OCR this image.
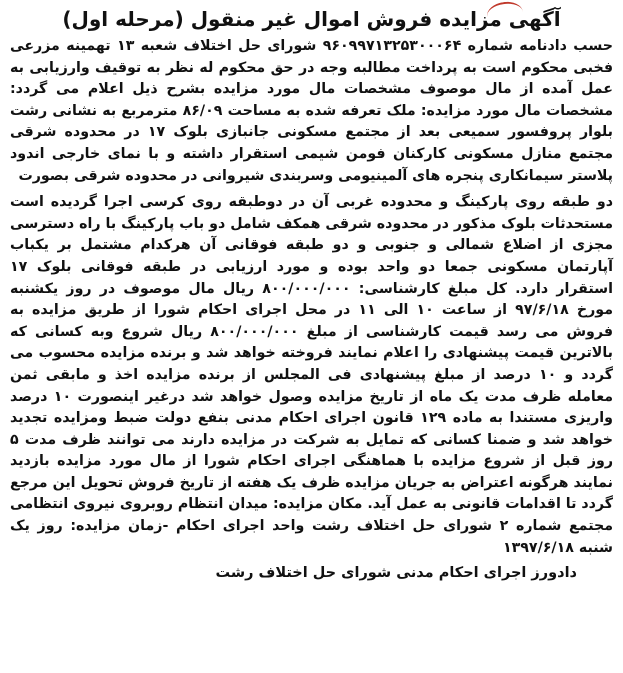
آگهی مزایده فروش اموال غیر منقول (مرحله اول)

حسب دادنامه شماره ۹۶۰۹۹۷۱۳۲۵۳۰۰۰۶۴ شورای حل اختلاف شعبه ۱۳ تهمینه مزرعی فخبی محکوم است به پرداخت مطالبه وجه در حق محکوم له نظر به توقیف وارزیابی به عمل آمده از مال موصوف مشخصات مال مورد مزایده بشرح ذیل اعلام می گردد: مشخصات مال مورد مزایده: ملک تعرفه شده به مساحت ۸۶/۰۹ مترمربع به نشانی رشت بلوار پروفسور سمیعی بعد از مجتمع مسکونی جانبازی بلوک ۱۷ در محدوده شرقی مجتمع منازل مسکونی کارکنان فومن شیمی استقرار داشته و با نمای خارجی اندود پلاستر سیمانکاری پنجره های آلمینیومی وسربندی شیروانی در محدوده شرقی بصورت

دو طبقه روی پارکینگ و محدوده غربی آن در دوطبقه روی کرسی اجرا گردیده است مستحدثات بلوک مذکور در محدوده شرقی همکف شامل دو باب پارکینگ با راه دسترسی مجزی از اضلاع شمالی و جنوبی و دو طبقه فوقانی آن هرکدام مشتمل بر یکباب آپارتمان مسکونی جمعا دو واحد بوده و مورد ارزیابی در طبقه فوقانی بلوک ۱۷ استقرار دارد. کل مبلغ کارشناسی: ۸۰۰/۰۰۰/۰۰۰ ریال مال موصوف در روز یکشنبه مورخ ۹۷/۶/۱۸ از ساعت ۱۰ الی ۱۱ در محل اجرای احکام شورا از طریق مزایده به فروش می رسد قیمت کارشناسی از مبلغ ۸۰۰/۰۰۰/۰۰۰ ریال شروع وبه کسانی که بالاترین قیمت پیشنهادی را اعلام نمایند فروخته خواهد شد و برنده مزایده محسوب می گردد و ۱۰ درصد از مبلغ پیشنهادی فی المجلس از برنده مزایده اخذ و مابقی ثمن معامله ظرف مدت یک ماه از تاریخ مزایده وصول خواهد شد درغیر اینصورت ۱۰ درصد واریزی مستندا به ماده ۱۲۹ قانون اجرای احکام مدنی بنفع دولت ضبط ومزایده تجدید خواهد شد و ضمنا کسانی که تمایل به شرکت در مزایده دارند می توانند ظرف مدت ۵ روز قبل از شروع مزایده با هماهنگی اجرای احکام شورا از مال مورد مزایده بازدید نمایند هرگونه اعتراض به جریان مزایده ظرف یک هفته از تاریخ فروش تحویل این مرجع گردد تا اقدامات قانونی به عمل آید. مکان مزایده: میدان انتظام روبروی نیروی انتظامی مجتمع شماره ۲ شورای حل اختلاف رشت واحد اجرای احکام -زمان مزایده: روز یک شنبه ۱۳۹۷/۶/۱۸

دادورز اجرای احکام مدنی شورای حل اختلاف رشت
